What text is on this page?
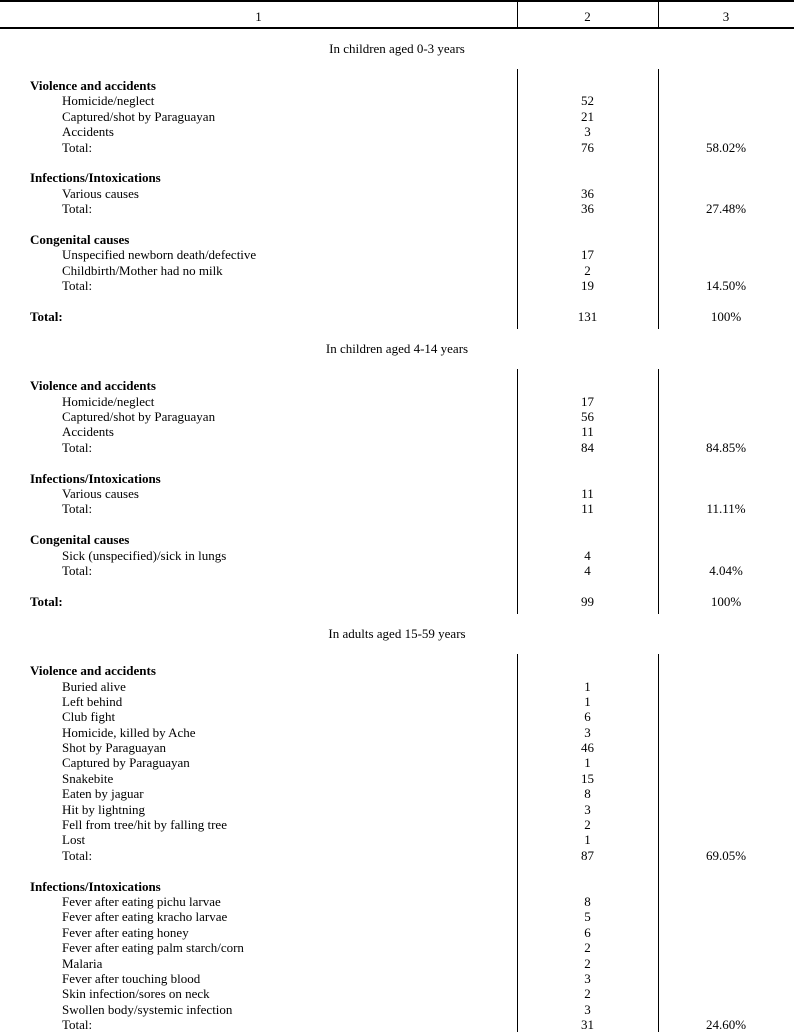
1	2	3
In children aged 0-3 years
Violence and accidents
Homicide/neglect	52
Captured/shot by Paraguayan	21
Accidents	3
Total:	76	58.02%
Infections/Intoxications
Various causes	36
Total:	36	27.48%
Congenital causes
Unspecified newborn death/defective	17
Childbirth/Mother had no milk	2
Total:	19	14.50%
Total:	131	100%
In children aged 4-14 years
Violence and accidents
Homicide/neglect	17
Captured/shot by Paraguayan	56
Accidents	11
Total:	84	84.85%
Infections/Intoxications
Various causes	11
Total:	11	11.11%
Congenital causes
Sick (unspecified)/sick in lungs	4
Total:	4	4.04%
Total:	99	100%
In adults aged 15-59 years
Violence and accidents
Buried alive	1
Left behind	1
Club fight	6
Homicide, killed by Ache	3
Shot by Paraguayan	46
Captured by Paraguayan	1
Snakebite	15
Eaten by jaguar	8
Hit by lightning	3
Fell from tree/hit by falling tree	2
Lost	1
Total:	87	69.05%
Infections/Intoxications
Fever after eating pichu larvae	8
Fever after eating kracho larvae	5
Fever after eating honey	6
Fever after eating palm starch/corn	2
Malaria	2
Fever after touching blood	3
Skin infection/sores on neck	2
Swollen body/systemic infection	3
Total:	31	24.60%
